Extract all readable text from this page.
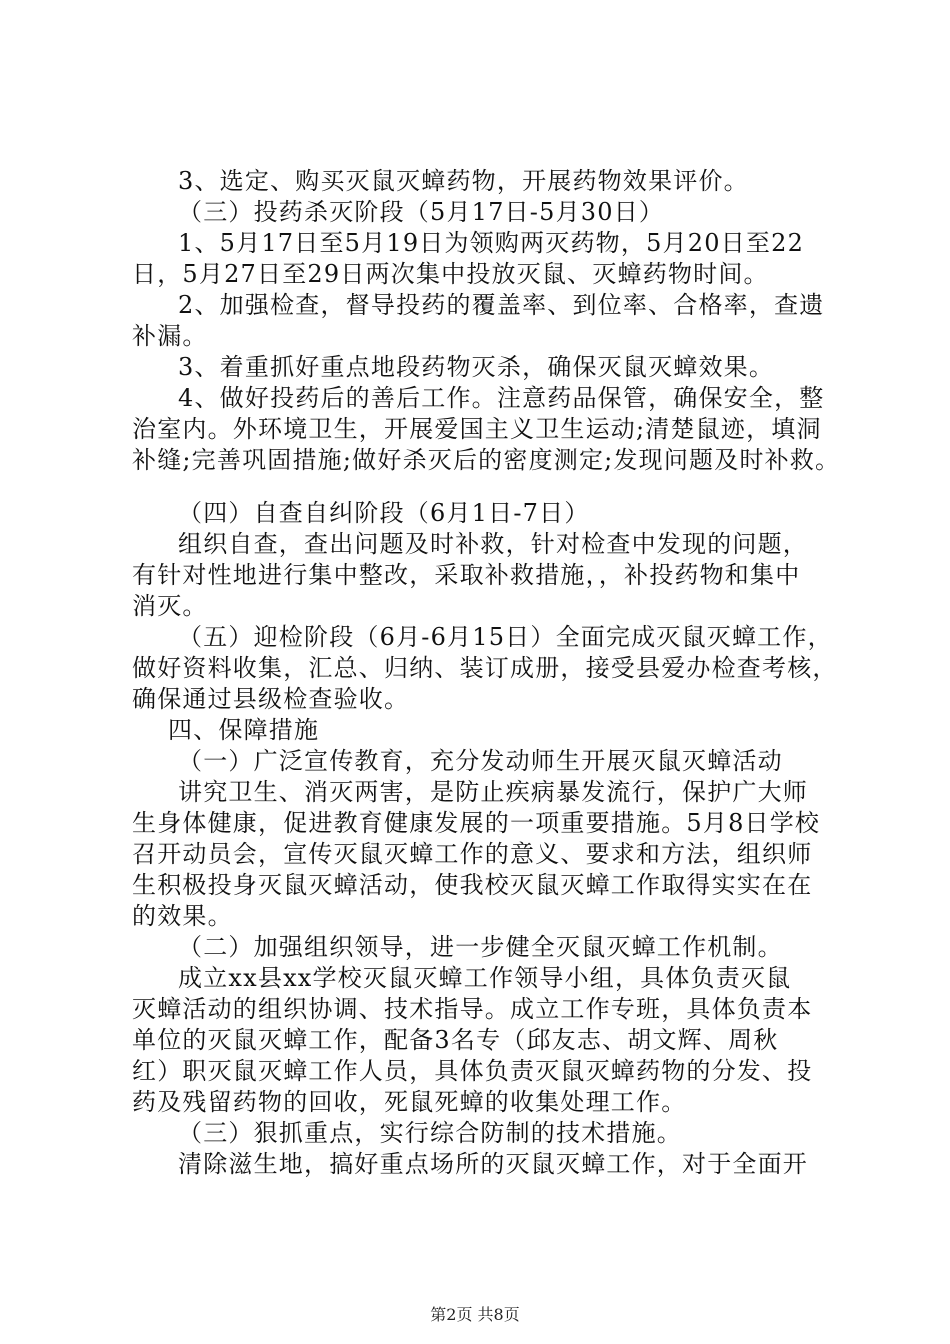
3、选定、购买灭鼠灭蟑药物，开展药物效果评价。
（三）投药杀灭阶段（5月17日-5月30日）
1、5月17日至5月19日为领购两灭药物，5月20日至22
日，5月27日至29日两次集中投放灭鼠、灭蟑药物时间。
2、加强检查，督导投药的覆盖率、到位率、合格率，查遗
补漏。
3、着重抓好重点地段药物灭杀，确保灭鼠灭蟑效果。
4、做好投药后的善后工作。注意药品保管，确保安全，整
治室内。外环境卫生，开展爱国主义卫生运动;清楚鼠迹，填洞
补缝;完善巩固措施;做好杀灭后的密度测定;发现问题及时补救。
（四）自查自纠阶段（6月1日-7日）
组织自查，查出问题及时补救，针对检查中发现的问题，
有针对性地进行集中整改，采取补救措施，，补投药物和集中
消灭。
（五）迎检阶段（6月-6月15日）全面完成灭鼠灭蟑工作，
做好资料收集，汇总、归纳、装订成册，接受县爱办检查考核，
确保通过县级检查验收。
四、保障措施
（一）广泛宣传教育，充分发动师生开展灭鼠灭蟑活动
讲究卫生、消灭两害，是防止疾病暴发流行，保护广大师
生身体健康，促进教育健康发展的一项重要措施。5月8日学校
召开动员会，宣传灭鼠灭蟑工作的意义、要求和方法，组织师
生积极投身灭鼠灭蟑活动，使我校灭鼠灭蟑工作取得实实在在
的效果。
（二）加强组织领导，进一步健全灭鼠灭蟑工作机制。
成立xx县xx学校灭鼠灭蟑工作领导小组，具体负责灭鼠
灭蟑活动的组织协调、技术指导。成立工作专班，具体负责本
单位的灭鼠灭蟑工作，配备3名专（邱友志、胡文辉、周秋
红）职灭鼠灭蟑工作人员，具体负责灭鼠灭蟑药物的分发、投
药及残留药物的回收，死鼠死蟑的收集处理工作。
（三）狠抓重点，实行综合防制的技术措施。
清除滋生地，搞好重点场所的灭鼠灭蟑工作，对于全面开
第2页 共8页
